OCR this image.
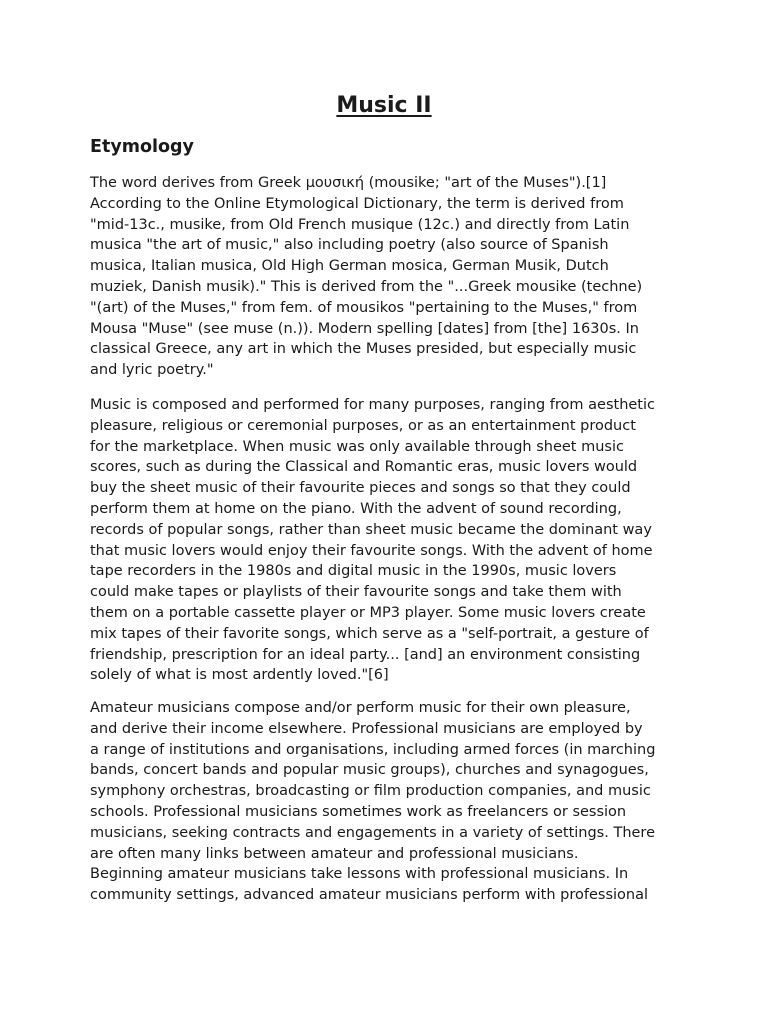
Music II
Etymology

The word derives from Greek μουσική (mousike; "art of the Muses").[1]
According to the Online Etymological Dictionary, the term is derived from
"mid-13c., musike, from Old French musique (12c.) and directly from Latin
musica "the art of music," also including poetry (also source of Spanish
musica, Italian musica, Old High German mosica, German Musik, Dutch
muziek, Danish musik)." This is derived from the "...Greek mousike (techne)
"(art) of the Muses," from fem. of mousikos "pertaining to the Muses," from
Mousa "Muse" (see muse (n.)). Modern spelling [dates] from [the] 1630s. In
classical Greece, any art in which the Muses presided, but especially music
and lyric poetry."

Music is composed and performed for many purposes, ranging from aesthetic
pleasure, religious or ceremonial purposes, or as an entertainment product
for the marketplace. When music was only available through sheet music
scores, such as during the Classical and Romantic eras, music lovers would
buy the sheet music of their favourite pieces and songs so that they could
perform them at home on the piano. With the advent of sound recording,
records of popular songs, rather than sheet music became the dominant way
that music lovers would enjoy their favourite songs. With the advent of home
tape recorders in the 1980s and digital music in the 1990s, music lovers
could make tapes or playlists of their favourite songs and take them with
them on a portable cassette player or MP3 player. Some music lovers create
mix tapes of their favorite songs, which serve as a "self-portrait, a gesture of
friendship, prescription for an ideal party... [and] an environment consisting
solely of what is most ardently loved."[6]

Amateur musicians compose and/or perform music for their own pleasure,
and derive their income elsewhere. Professional musicians are employed by
a range of institutions and organisations, including armed forces (in marching
bands, concert bands and popular music groups), churches and synagogues,
symphony orchestras, broadcasting or film production companies, and music
schools. Professional musicians sometimes work as freelancers or session
musicians, seeking contracts and engagements in a variety of settings. There
are often many links between amateur and professional musicians.
Beginning amateur musicians take lessons with professional musicians. In
community settings, advanced amateur musicians perform with professional
